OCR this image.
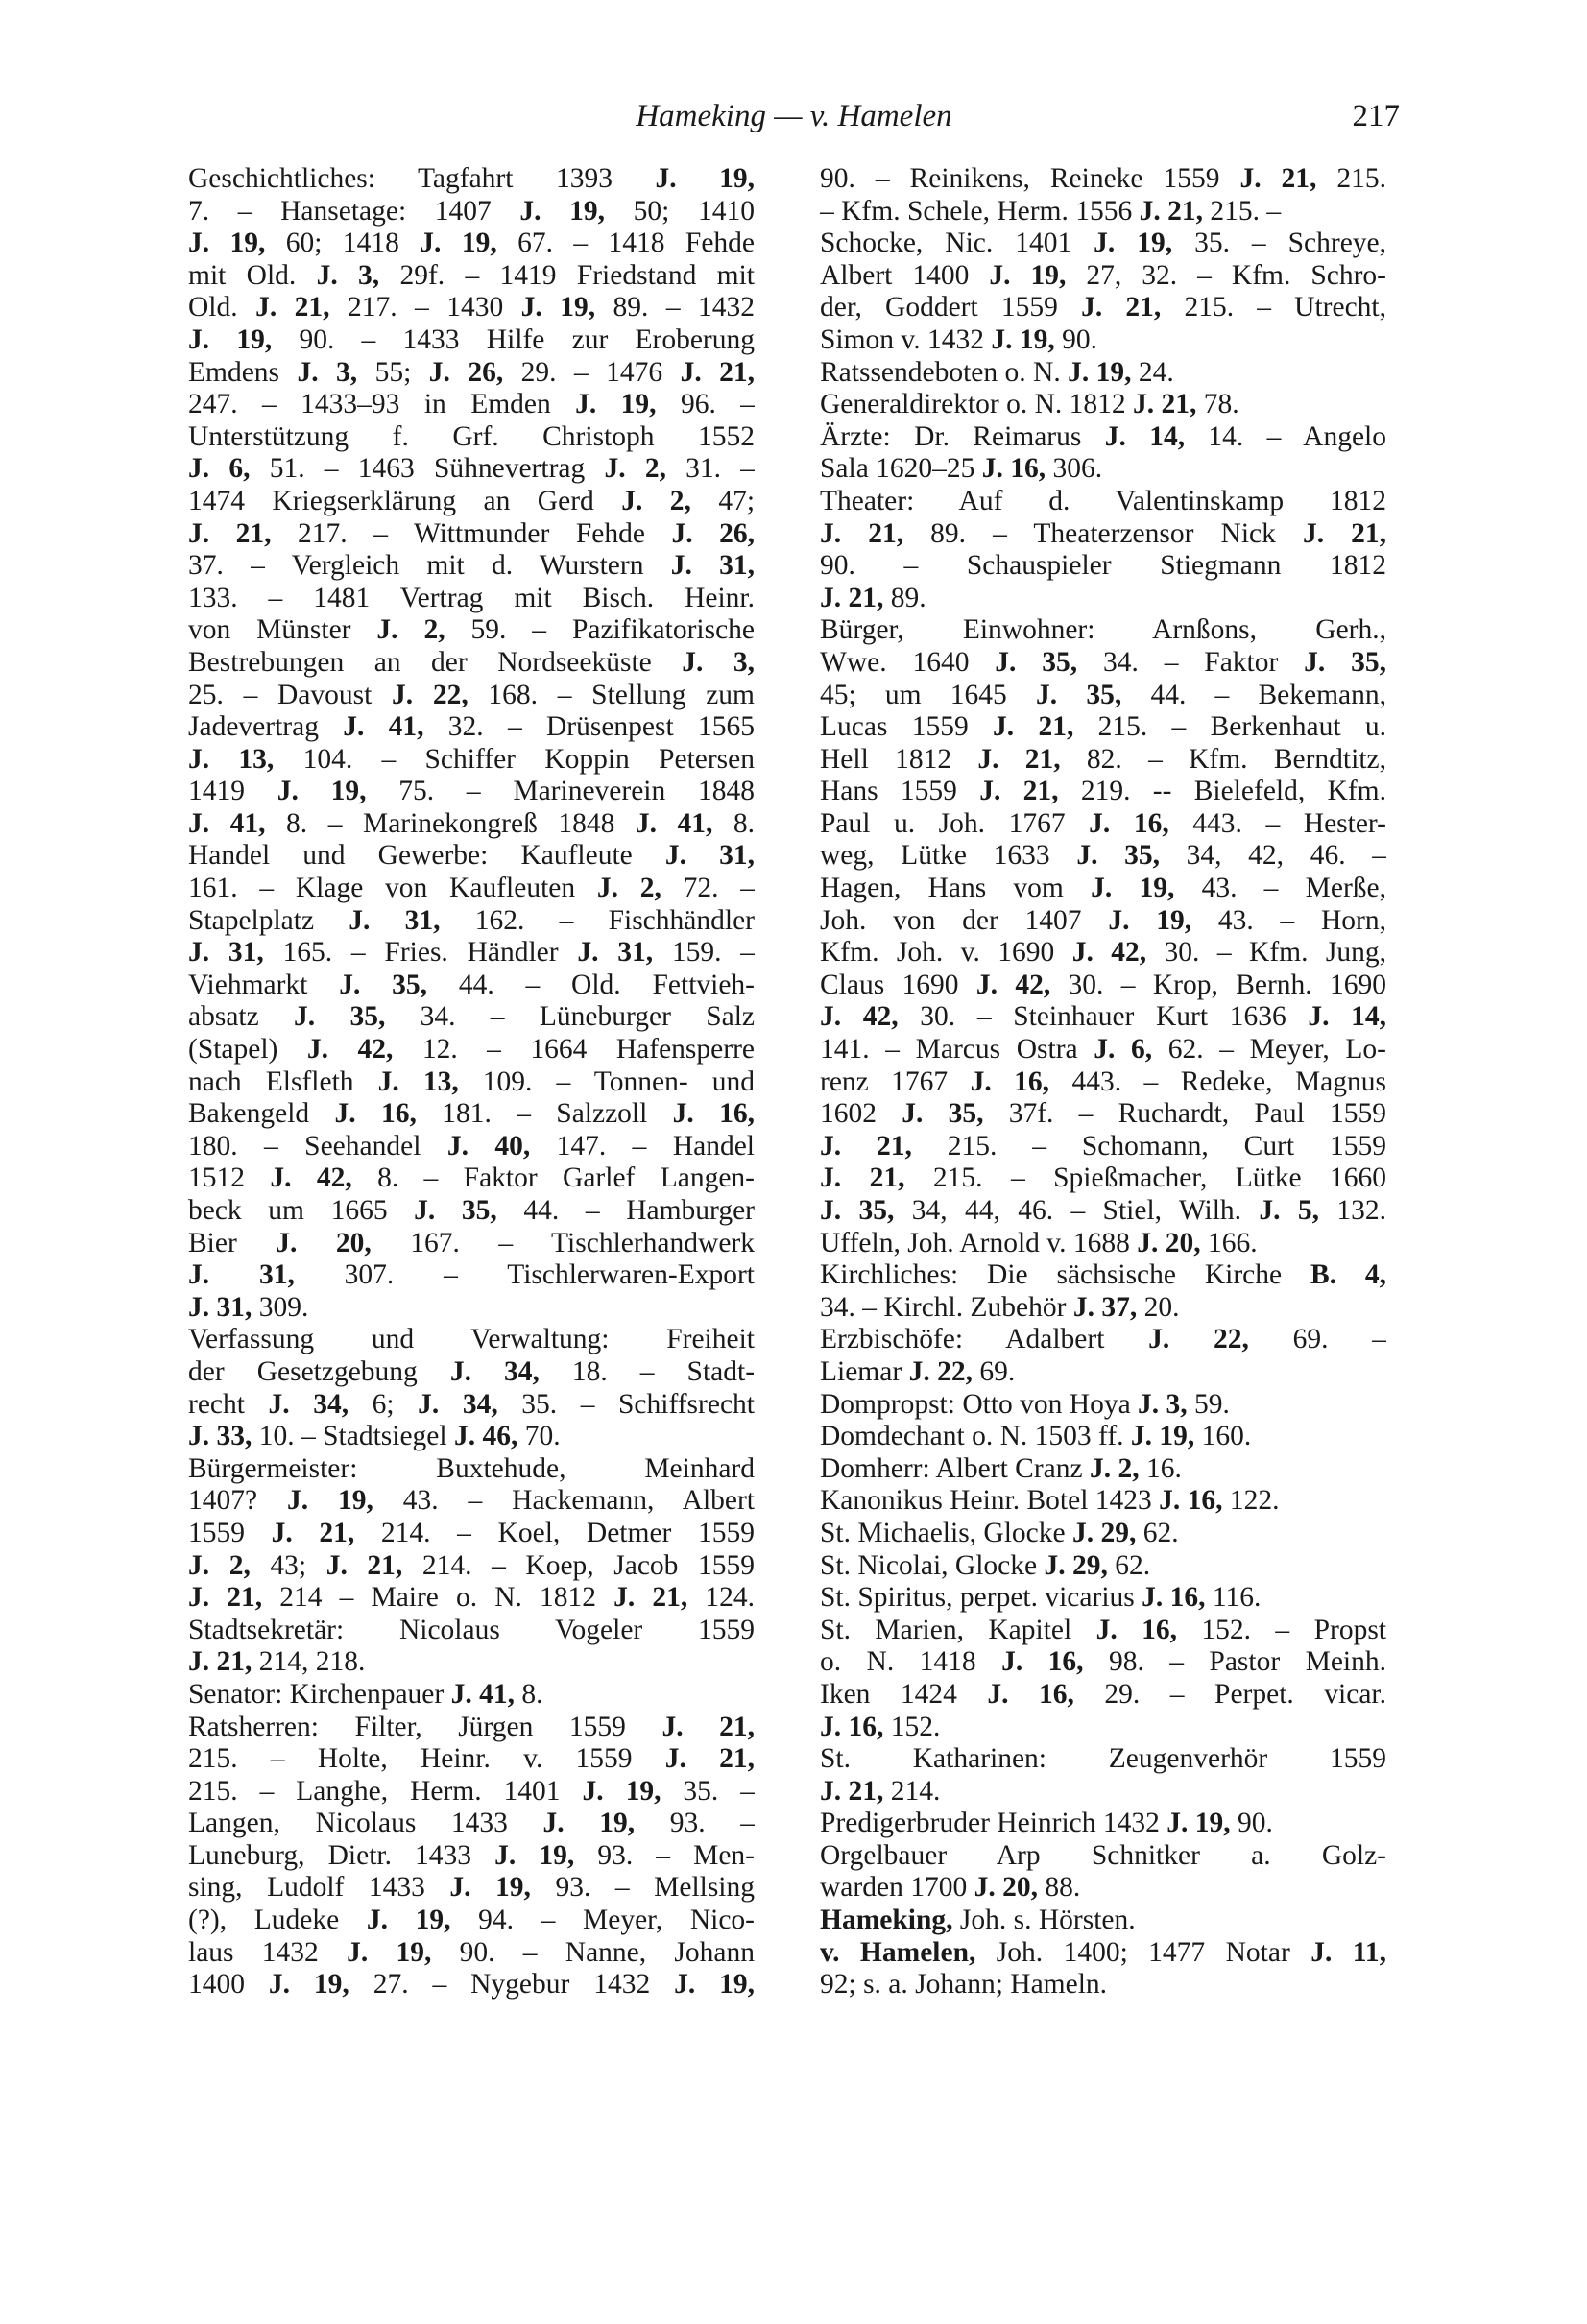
Hameking — v. Hamelen	217
Geschichtliches: Tagfahrt 1393 J. 19,
7. – Hansetage: 1407 J. 19, 50; 1410
J. 19, 60; 1418 J. 19, 67. – 1418 Fehde
mit Old. J. 3, 29f. – 1419 Friedstand mit
Old. J. 21, 217. – 1430 J. 19, 89. – 1432
J. 19, 90. – 1433 Hilfe zur Eroberung
Emdens J. 3, 55; J. 26, 29. – 1476 J. 21,
247. – 1433–93 in Emden J. 19, 96. –
Unterstützung f. Grf. Christoph 1552
J. 6, 51. – 1463 Sühnevertrag J. 2, 31. –
1474 Kriegserklärung an Gerd J. 2, 47;
J. 21, 217. – Wittmunder Fehde J. 26,
37. – Vergleich mit d. Wurstern J. 31,
133. – 1481 Vertrag mit Bisch. Heinr.
von Münster J. 2, 59. – Pazifikatorische
Bestrebungen an der Nordseeküste J. 3,
25. – Davoust J. 22, 168. – Stellung zum
Jadevertrag J. 41, 32. – Drüsenpest 1565
J. 13, 104. – Schiffer Koppin Petersen
1419 J. 19, 75. – Marineverein 1848
J. 41, 8. – Marinekongreß 1848 J. 41, 8.
Handel und Gewerbe: Kaufleute J. 31,
161. – Klage von Kaufleuten J. 2, 72. –
Stapelplatz J. 31, 162. – Fischhändler
J. 31, 165. – Fries. Händler J. 31, 159. –
Viehmarkt J. 35, 44. – Old. Fettvieh-
absatz J. 35, 34. – Lüneburger Salz
(Stapel) J. 42, 12. – 1664 Hafensperre
nach Elsfleth J. 13, 109. – Tonnen- und
Bakengeld J. 16, 181. – Salzzoll J. 16,
180. – Seehandel J. 40, 147. – Handel
1512 J. 42, 8. – Faktor Garlef Langen-
beck um 1665 J. 35, 44. – Hamburger
Bier J. 20, 167. – Tischlerhandwerk
J. 31, 307. – Tischlerwaren-Export
J. 31, 309.
Verfassung und Verwaltung: Freiheit
der Gesetzgebung J. 34, 18. – Stadt-
recht J. 34, 6; J. 34, 35. – Schiffsrecht
J. 33, 10. – Stadtsiegel J. 46, 70.
Bürgermeister: Buxtehude, Meinhard
1407? J. 19, 43. – Hackemann, Albert
1559 J. 21, 214. – Koel, Detmer 1559
J. 2, 43; J. 21, 214. – Koep, Jacob 1559
J. 21, 214 – Maire o. N. 1812 J. 21, 124.
Stadtsekretär: Nicolaus Vogeler 1559
J. 21, 214, 218.
Senator: Kirchenpauer J. 41, 8.
Ratsherren: Filter, Jürgen 1559 J. 21,
215. – Holte, Heinr. v. 1559 J. 21,
215. – Langhe, Herm. 1401 J. 19, 35. –
Langen, Nicolaus 1433 J. 19, 93. –
Luneburg, Dietr. 1433 J. 19, 93. – Men-
sing, Ludolf 1433 J. 19, 93. – Mellsing
(?), Ludeke J. 19, 94. – Meyer, Nico-
laus 1432 J. 19, 90. – Nanne, Johann
1400 J. 19, 27. – Nygebur 1432 J. 19,
90. – Reinikens, Reineke 1559 J. 21, 215.
– Kfm. Schele, Herm. 1556 J. 21, 215. –
Schocke, Nic. 1401 J. 19, 35. – Schreye,
Albert 1400 J. 19, 27, 32. – Kfm. Schro-
der, Goddert 1559 J. 21, 215. – Utrecht,
Simon v. 1432 J. 19, 90.
Ratssendeboten o. N. J. 19, 24.
Generaldirektor o. N. 1812 J. 21, 78.
Ärzte: Dr. Reimarus J. 14, 14. – Angelo
Sala 1620–25 J. 16, 306.
Theater: Auf d. Valentinskamp 1812
J. 21, 89. – Theaterzensor Nick J. 21,
90. – Schauspieler Stiegmann 1812
J. 21, 89.
Bürger, Einwohner: Arnßons, Gerh.,
Wwe. 1640 J. 35, 34. – Faktor J. 35,
45; um 1645 J. 35, 44. – Bekemann,
Lucas 1559 J. 21, 215. – Berkenhaut u.
Hell 1812 J. 21, 82. – Kfm. Berndtitz,
Hans 1559 J. 21, 219. -- Bielefeld, Kfm.
Paul u. Joh. 1767 J. 16, 443. – Hester-
weg, Lütke 1633 J. 35, 34, 42, 46. –
Hagen, Hans vom J. 19, 43. – Merße,
Joh. von der 1407 J. 19, 43. – Horn,
Kfm. Joh. v. 1690 J. 42, 30. – Kfm. Jung,
Claus 1690 J. 42, 30. – Krop, Bernh. 1690
J. 42, 30. – Steinhauer Kurt 1636 J. 14,
141. – Marcus Ostra J. 6, 62. – Meyer, Lo-
renz 1767 J. 16, 443. – Redeke, Magnus
1602 J. 35, 37f. – Ruchardt, Paul 1559
J. 21, 215. – Schomann, Curt 1559
J. 21, 215. – Spießmacher, Lütke 1660
J. 35, 34, 44, 46. – Stiel, Wilh. J. 5, 132.
Uffeln, Joh. Arnold v. 1688 J. 20, 166.
Kirchliches: Die sächsische Kirche B. 4,
34. – Kirchl. Zubehör J. 37, 20.
Erzbischöfe: Adalbert J. 22, 69. –
Liemar J. 22, 69.
Dompropst: Otto von Hoya J. 3, 59.
Domdechant o. N. 1503 ff. J. 19, 160.
Domherr: Albert Cranz J. 2, 16.
Kanonikus Heinr. Botel 1423 J. 16, 122.
St. Michaelis, Glocke J. 29, 62.
St. Nicolai, Glocke J. 29, 62.
St. Spiritus, perpet. vicarius J. 16, 116.
St. Marien, Kapitel J. 16, 152. – Propst
o. N. 1418 J. 16, 98. – Pastor Meinh.
Iken 1424 J. 16, 29. – Perpet. vicar.
J. 16, 152.
St. Katharinen: Zeugenverhör 1559
J. 21, 214.
Predigerbruder Heinrich 1432 J. 19, 90.
Orgelbauer Arp Schnitker a. Golz-
warden 1700 J. 20, 88.
Hameking, Joh. s. Hörsten.
v. Hamelen, Joh. 1400; 1477 Notar J. 11,
92; s. a. Johann; Hameln.
